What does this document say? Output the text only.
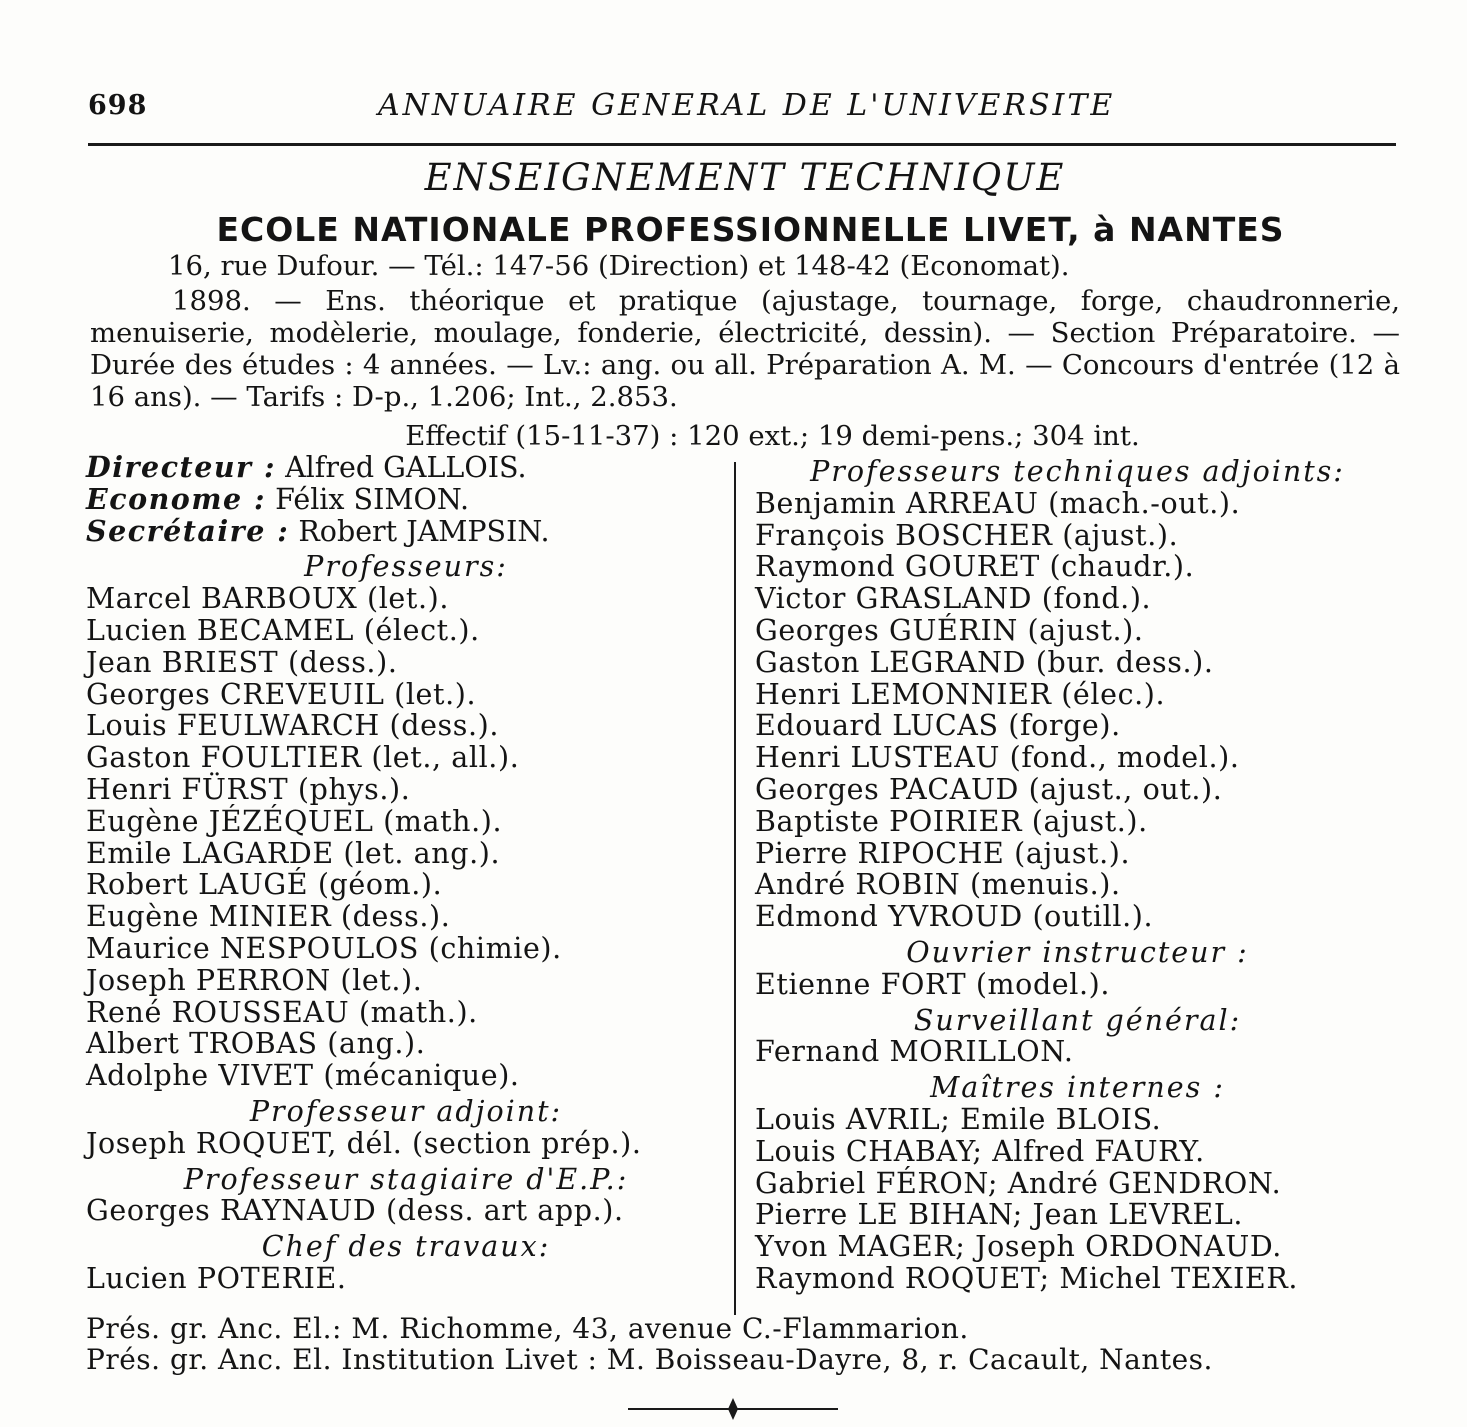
698	ANNUAIRE GENERAL DE L'UNIVERSITE
ENSEIGNEMENT TECHNIQUE
ECOLE NATIONALE PROFESSIONNELLE LIVET, à NANTES
16, rue Dufour. — Tél.: 147-56 (Direction) et 148-42 (Economat).
1898. — Ens. théorique et pratique (ajustage, tournage, forge, chaudronnerie, menuiserie, modèlerie, moulage, fonderie, électricité, dessin). — Section Préparatoire. — Durée des études : 4 années. — Lv.: ang. ou all. Préparation A. M. — Concours d'entrée (12 à 16 ans). — Tarifs : D-p., 1.206; Int., 2.853.
Effectif (15-11-37) : 120 ext.; 19 demi-pens.; 304 int.
Directeur : Alfred GALLOIS.
Econome : Félix SIMON.
Secrétaire : Robert JAMPSIN.
Professeurs:
Marcel BARBOUX (let.).
Lucien BECAMEL (élect.).
Jean BRIEST (dess.).
Georges CREVEUIL (let.).
Louis FEULWARCH (dess.).
Gaston FOULTIER (let., all.).
Henri FÜRST (phys.).
Eugène JÉZÉQUEL (math.).
Emile LAGARDE (let. ang.).
Robert LAUGÉ (géom.).
Eugène MINIER (dess.).
Maurice NESPOULOS (chimie).
Joseph PERRON (let.).
René ROUSSEAU (math.).
Albert TROBAS (ang.).
Adolphe VIVET (mécanique).
Professeur adjoint:
Joseph ROQUET, dél. (section prép.).
Professeur stagiaire d'E.P.:
Georges RAYNAUD (dess. art app.).
Chef des travaux:
Lucien POTERIE.
Professeurs techniques adjoints:
Benjamin ARREAU (mach.-out.).
François BOSCHER (ajust.).
Raymond GOURET (chaudr.).
Victor GRASLAND (fond.).
Georges GUÉRIN (ajust.).
Gaston LEGRAND (bur. dess.).
Henri LEMONNIER (élec.).
Edouard LUCAS (forge).
Henri LUSTEAU (fond., model.).
Georges PACAUD (ajust., out.).
Baptiste POIRIER (ajust.).
Pierre RIPOCHE (ajust.).
André ROBIN (menuis.).
Edmond YVROUD (outill.).
Ouvrier instructeur :
Etienne FORT (model.).
Surveillant général:
Fernand MORILLON.
Maîtres internes :
Louis AVRIL; Emile BLOIS.
Louis CHABAY; Alfred FAURY.
Gabriel FÉRON; André GENDRON.
Pierre LE BIHAN; Jean LEVREL.
Yvon MAGER; Joseph ORDONAUD.
Raymond ROQUET; Michel TEXIER.
Prés. gr. Anc. El.: M. Richomme, 43, avenue C.-Flammarion.
Prés. gr. Anc. El. Institution Livet : M. Boisseau-Dayre, 8, r. Cacault, Nantes.
